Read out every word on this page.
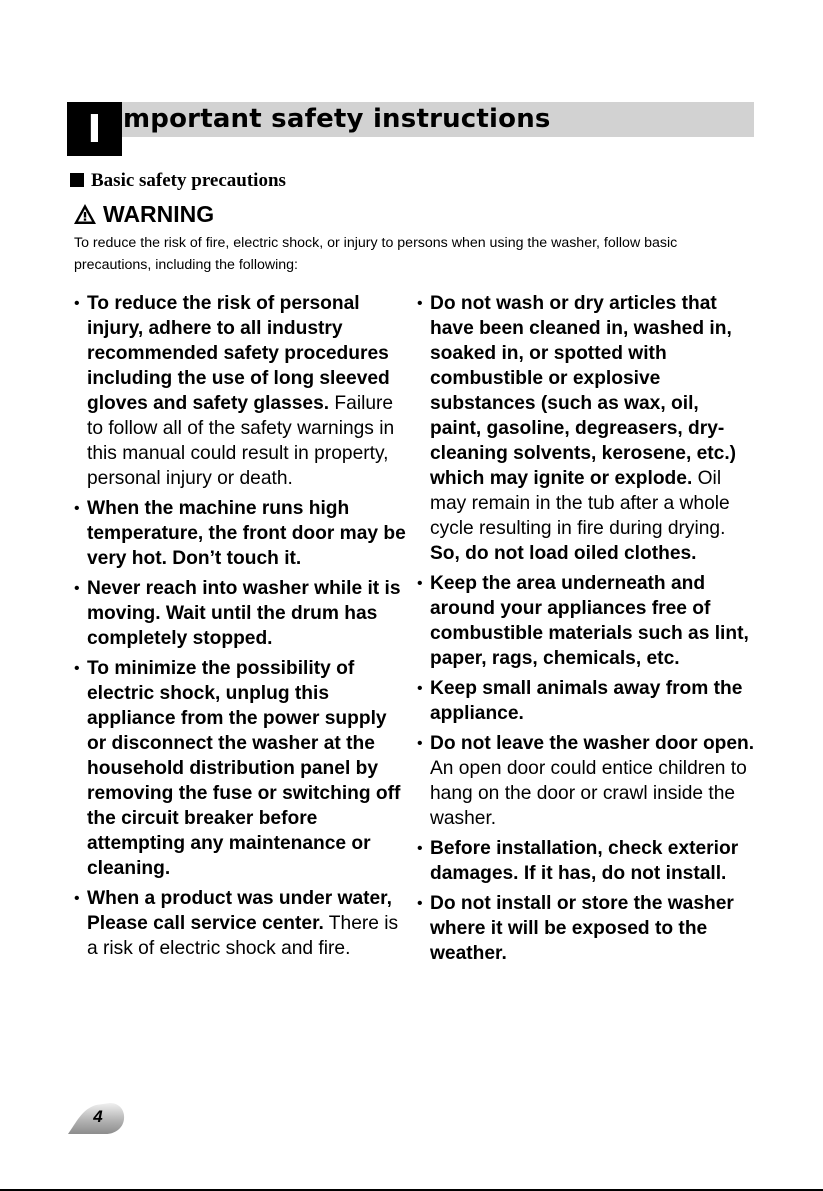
I mportant safety instructions
Basic safety precautions
WARNING
To reduce the risk of fire, electric shock, or injury to persons when using the washer, follow basic precautions, including the following:
• To reduce the risk of personal injury, adhere to all industry recommended safety procedures including the use of long sleeved gloves and safety glasses. Failure to follow all of the safety warnings in this manual could result in property, personal injury or death.
• When the machine runs high temperature, the front door may be very hot. Don’t touch it.
• Never reach into washer while it is moving. Wait until the drum has completely stopped.
• To minimize the possibility of electric shock, unplug this appliance from the power supply or disconnect the washer at the household distribution panel by removing the fuse or switching off the circuit breaker before attempting any maintenance or cleaning.
• When a product was under water, Please call service center. There is a risk of electric shock and fire.
• Do not wash or dry articles that have been cleaned in, washed in, soaked in, or spotted with combustible or explosive substances (such as wax, oil, paint, gasoline, degreasers, dry-cleaning solvents, kerosene, etc.) which may ignite or explode. Oil may remain in the tub after a whole cycle resulting in fire during drying.
So, do not load oiled clothes.
• Keep the area underneath and around your appliances free of combustible materials such as lint, paper, rags, chemicals, etc.
• Keep small animals away from the appliance.
• Do not leave the washer door open.
An open door could entice children to hang on the door or crawl inside the washer.
• Before installation, check exterior damages. If it has, do not install.
• Do not install or store the washer where it will be exposed to the weather.
4
